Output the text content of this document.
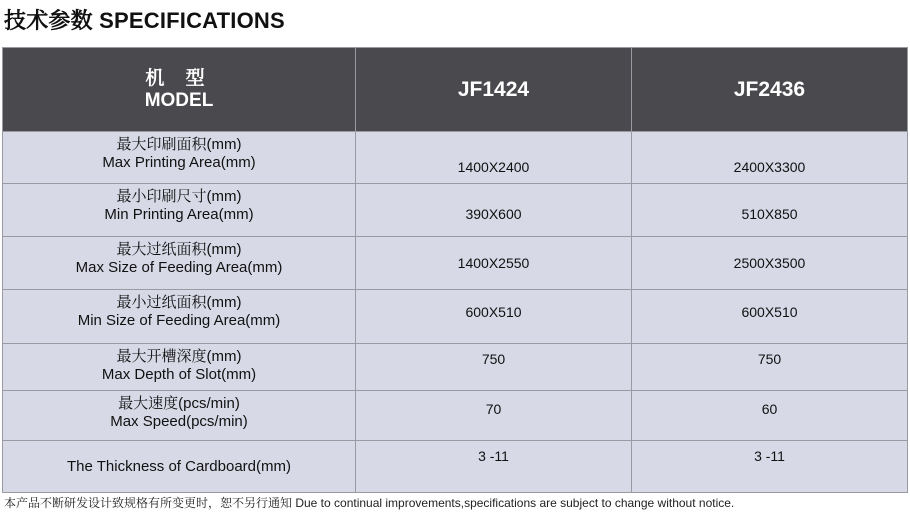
技术参数 SPECIFICATIONS
机 型
MODEL	JF1424	JF2436

最大印刷面积(mm)
Max Printing Area(mm)	1400X2400	2400X3300

最小印刷尺寸(mm)
Min Printing Area(mm)	390X600	510X850

最大过纸面积(mm)
Max Size of Feeding Area(mm)	1400X2550	2500X3500

最小过纸面积(mm)
Min Size of Feeding Area(mm)	600X510	600X510

最大开槽深度(mm)
Max Depth of Slot(mm)	750	750

最大速度(pcs/min)
Max Speed(pcs/min)	70	60

The Thickness of Cardboard(mm)	3 -11	3 -11
本产品不断研发设计致规格有所变更时，恕不另行通知 Due to continual improvements,specifications are subject to change without notice.
